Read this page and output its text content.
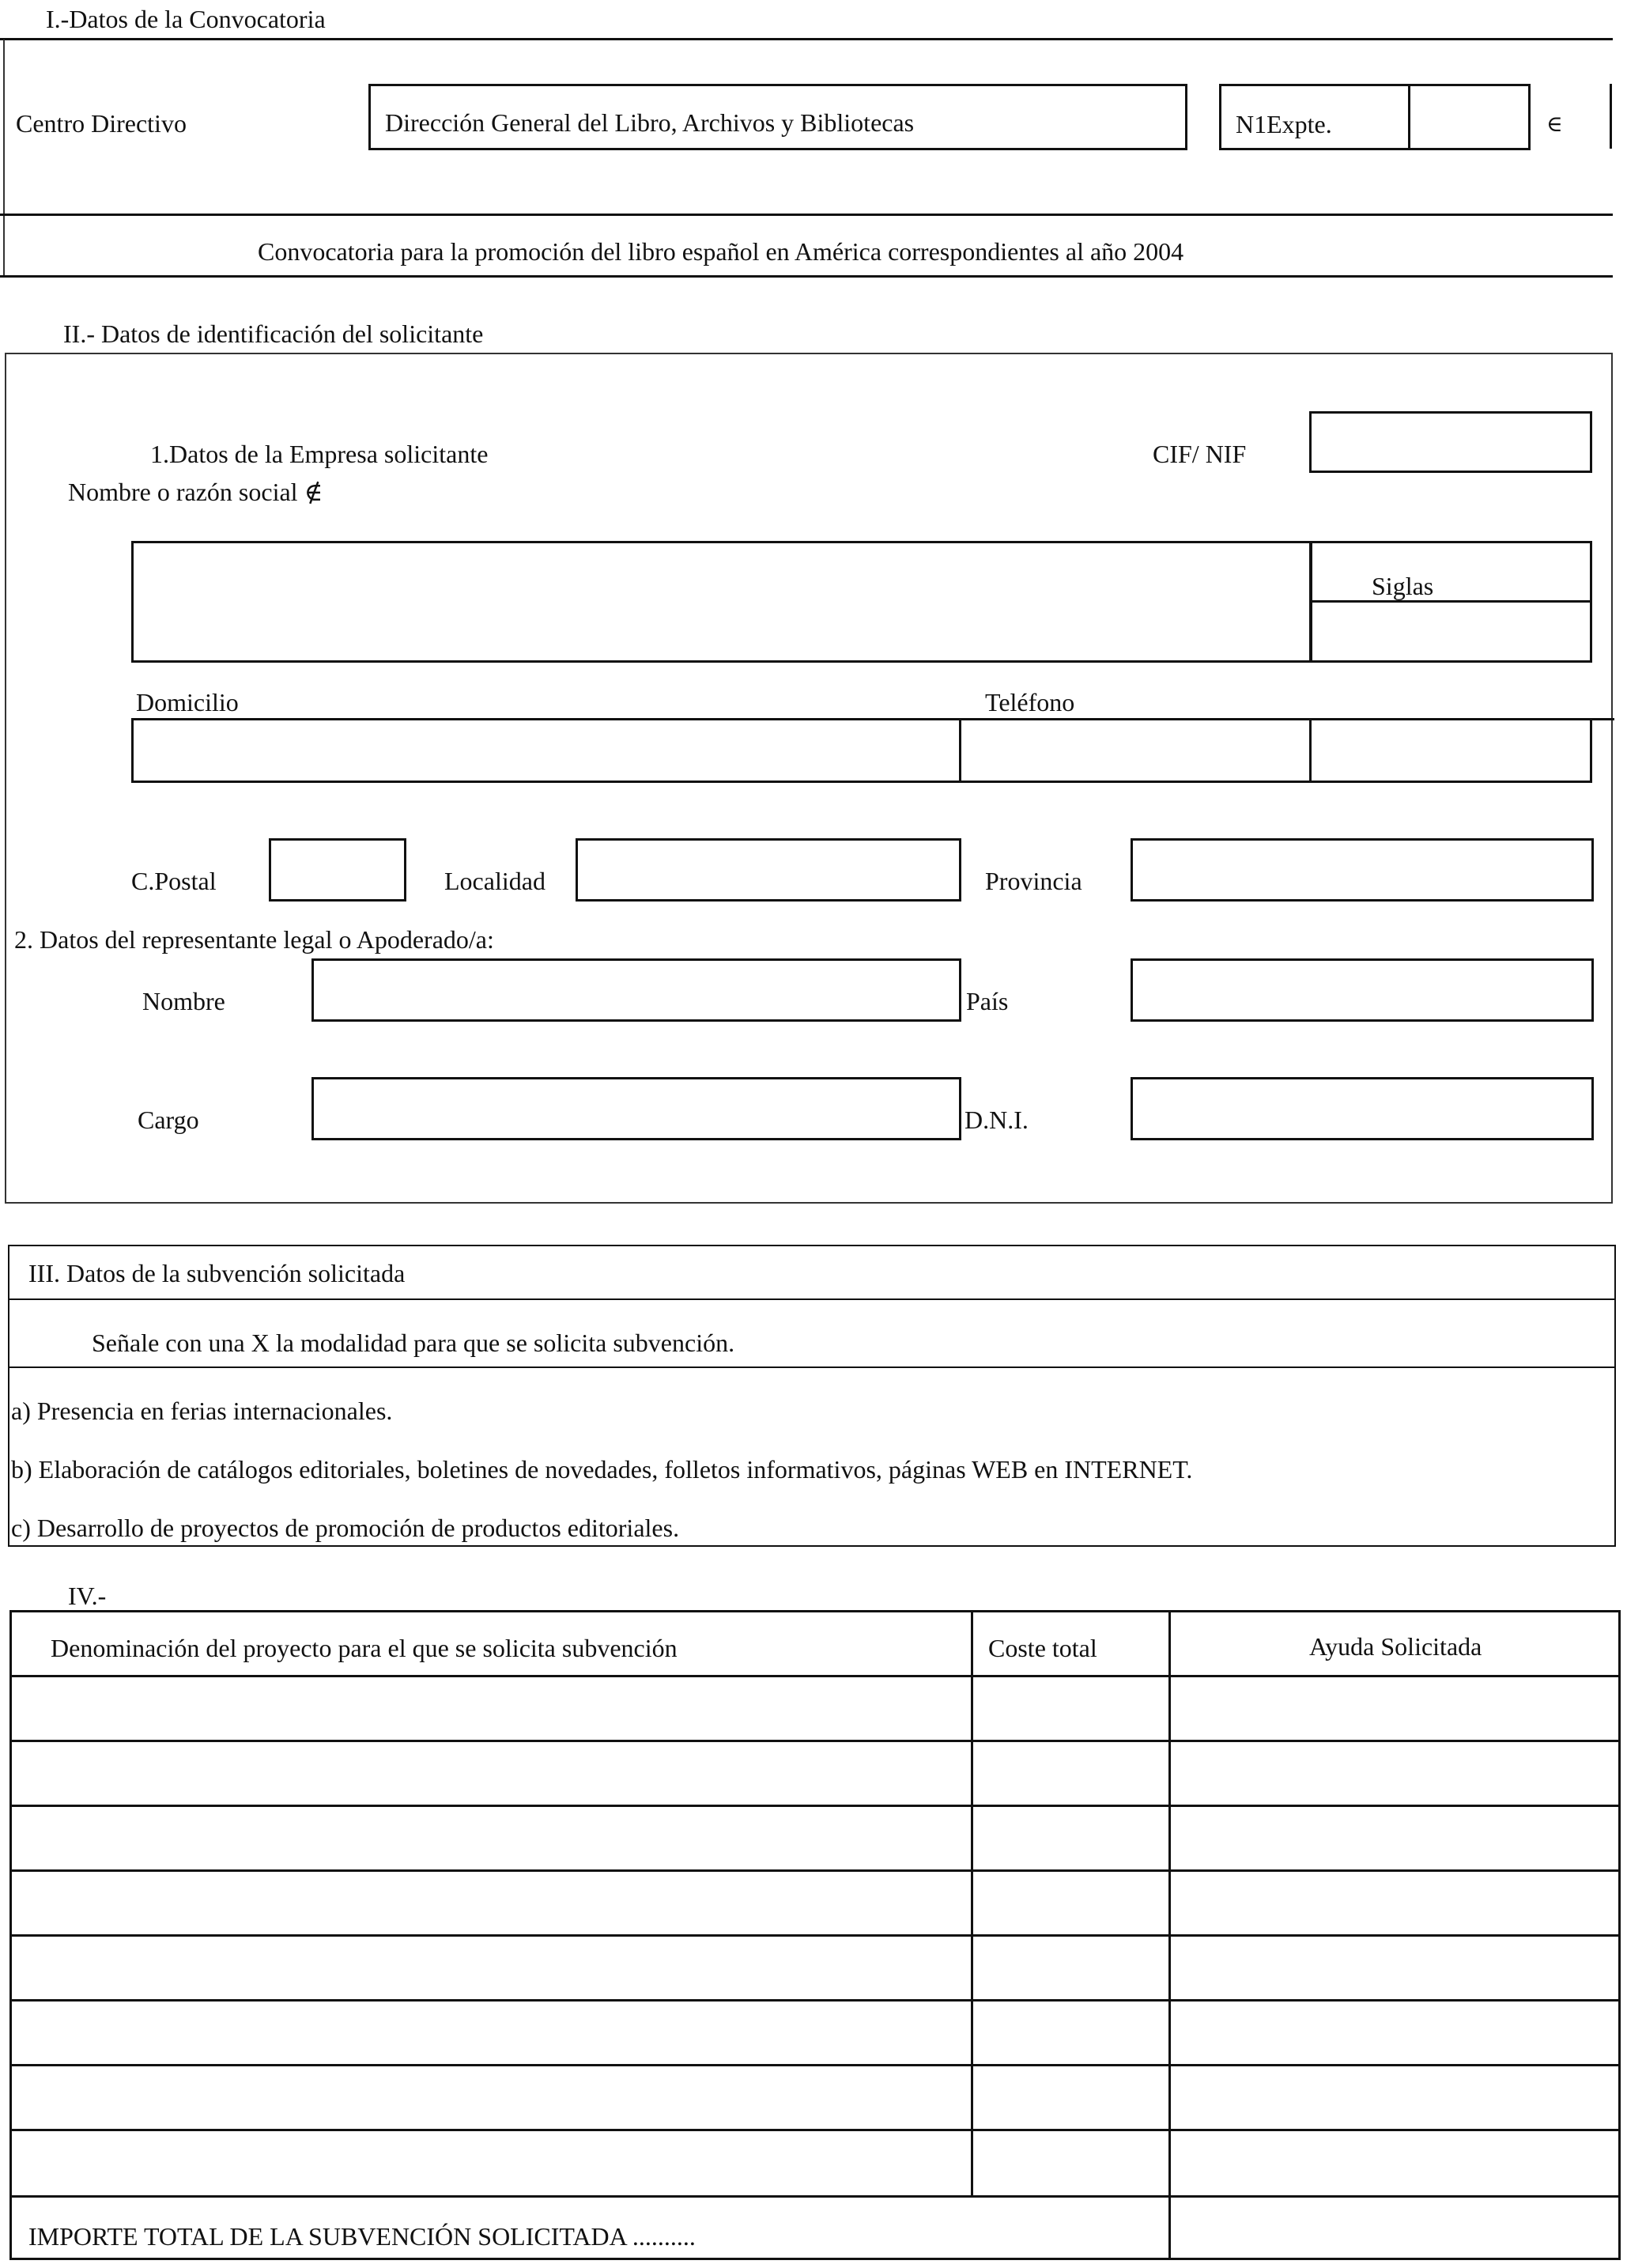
I.-Datos de la Convocatoria
Centro Directivo	Dirección General del Libro, Archivos y Bibliotecas	N1Expte.	∈
Convocatoria para la promoción del libro español en América correspondientes al año 2004
II.- Datos de identificación del solicitante
1.Datos de la Empresa solicitante	CIF/ NIF
Nombre o razón social ∉
Siglas
Domicilio	Teléfono
C.Postal	Localidad	Provincia
2. Datos del representante legal o Apoderado/a:
Nombre	País
Cargo	D.N.I.
III. Datos de la subvención solicitada
Señale con una X la modalidad para que se solicita subvención.
a) Presencia en ferias internacionales.
b) Elaboración de catálogos editoriales, boletines de novedades, folletos informativos, páginas WEB en INTERNET.
c) Desarrollo de proyectos de promoción de productos editoriales.
IV.-
Denominación del proyecto para el que se solicita subvención	Coste total	Ayuda Solicitada
IMPORTE TOTAL DE LA SUBVENCIÓN SOLICITADA ..........
